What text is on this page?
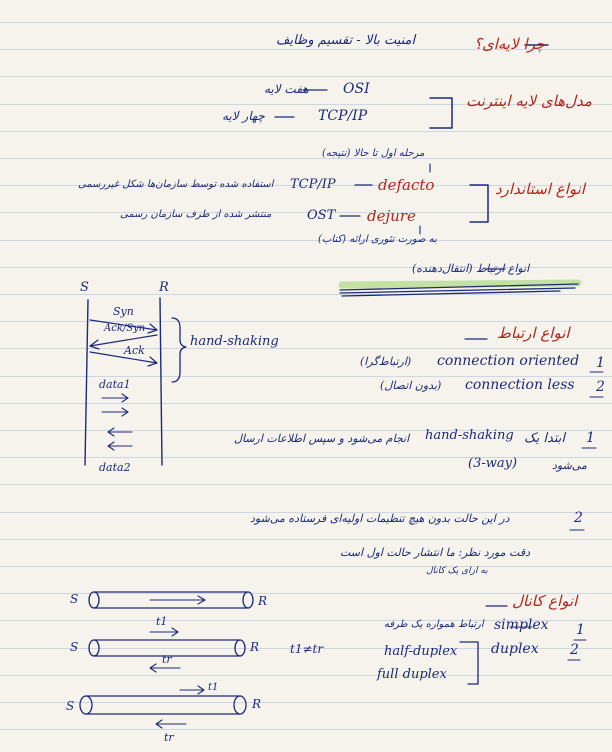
چرا لایه‌ای؟
امنیت بالا - تقسیم وظایف
مدل‌های لایه اینترنت
OSI
هفت لایه
TCP/IP
چهار لایه
مرحله اول تا حالا (نتیجه)
انواع استاندارد
defacto
TCP/IP
استفاده شده توسط سازمان‌ها شکل غیررسمی
dejure
OST
منتشر شده از طرف سازمان رسمی
به صورت تئوری ارائه (کتاب)
انواع ارتباط (انتقال‌دهنده)
S	R
Syn
Ack/Syn
Ack
hand-shaking
data1
data2
انواع ارتباط
1
connection oriented
(ارتباط‌گرا)
2
connection less
(بدون اتصال)
1
ابتدا یک
hand-shaking
انجام می‌شود و سپس اطلاعات ارسال
می‌شود
(3-way)
2
در این حالت بدون هیچ تنظیمات اولیه‌ای فرستاده می‌شود
دقت مورد نظر: ما انتشار حالت اول است
به ازای یک کانال
انواع کانال
1
simplex
ارتباط همواره یک طرفه
half-duplex
full duplex
duplex 2
S	R
t1
S	R
tr
t1≠tr
t1
S	R
tr
